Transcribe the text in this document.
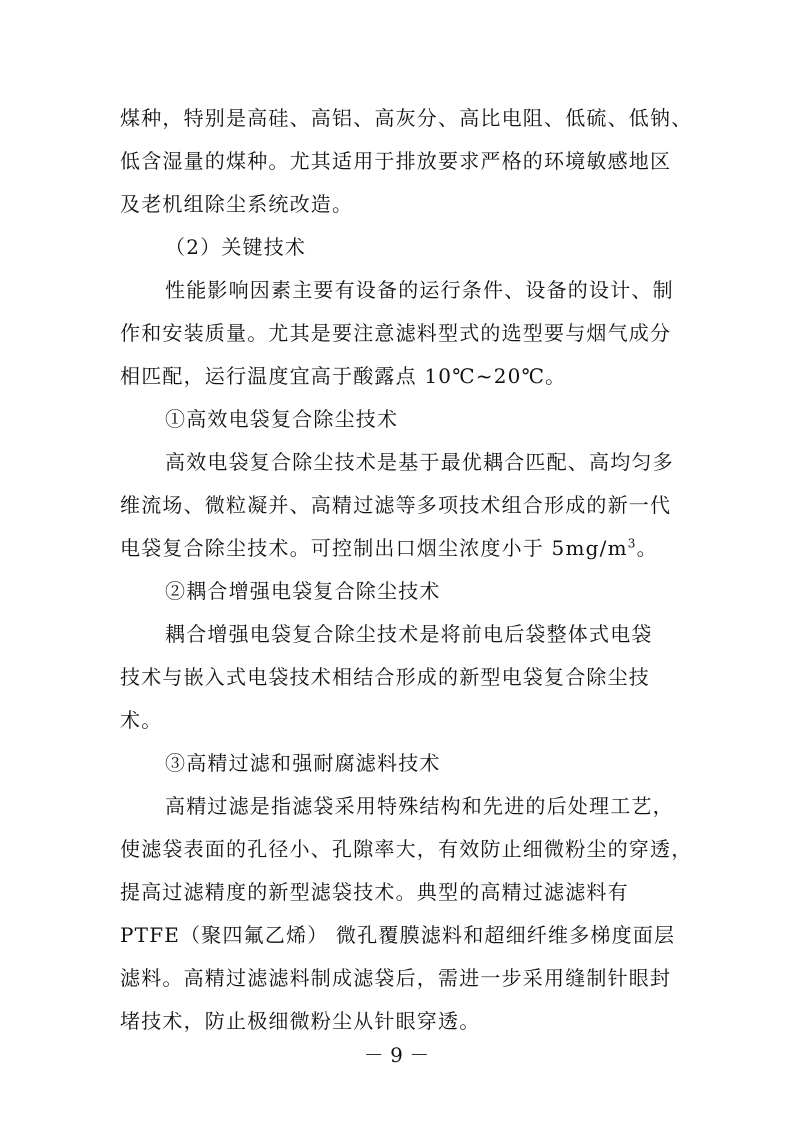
煤种，特别是高硅、高铝、高灰分、高比电阻、低硫、低钠、
低含湿量的煤种。尤其适用于排放要求严格的环境敏感地区
及老机组除尘系统改造。
（2）关键技术
性能影响因素主要有设备的运行条件、设备的设计、制
作和安装质量。尤其是要注意滤料型式的选型要与烟气成分
相匹配，运行温度宜高于酸露点 10℃~20℃。
①高效电袋复合除尘技术
高效电袋复合除尘技术是基于最优耦合匹配、高均匀多
维流场、微粒凝并、高精过滤等多项技术组合形成的新一代
电袋复合除尘技术。可控制出口烟尘浓度小于 $5mg/m^3$。
②耦合增强电袋复合除尘技术
耦合增强电袋复合除尘技术是将前电后袋整体式电袋
技术与嵌入式电袋技术相结合形成的新型电袋复合除尘技
术。
③高精过滤和强耐腐滤料技术
高精过滤是指滤袋采用特殊结构和先进的后处理工艺，
使滤袋表面的孔径小、孔隙率大，有效防止细微粉尘的穿透，
提高过滤精度的新型滤袋技术。典型的高精过滤滤料有
PTFE（聚四氟乙烯） 微孔覆膜滤料和超细纤维多梯度面层
滤料。高精过滤滤料制成滤袋后，需进一步采用缝制针眼封
堵技术，防止极细微粉尘从针眼穿透。
－ 9 －
